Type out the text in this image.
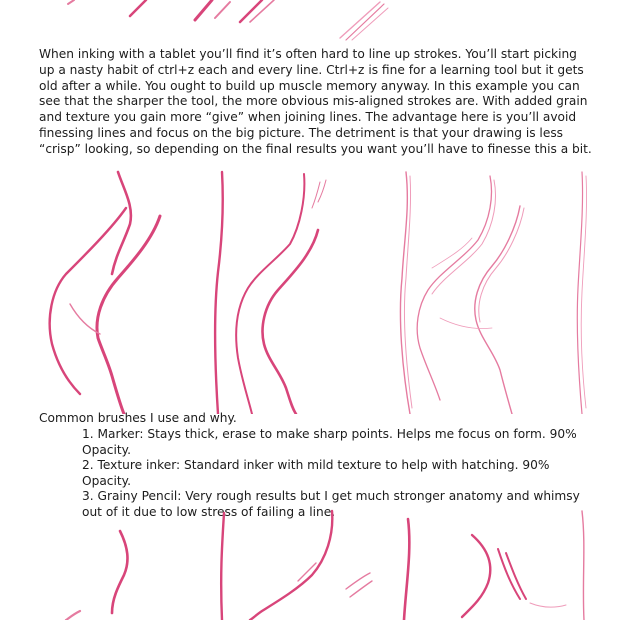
When inking with a tablet you’ll find it’s often hard to line up strokes. You’ll start picking up a nasty habit of ctrl+z each and every line. Ctrl+z is fine for a learning tool but it gets old after a while. You ought to build up muscle memory anyway. In this example you can see that the sharper the tool, the more obvious mis-aligned strokes are. With added grain and texture you gain more “give” when joining lines. The advantage here is you’ll avoid finessing lines and focus on the big picture. The detriment is that your drawing is less “crisp” looking, so depending on the final results you want you’ll have to finesse this a bit.

Common brushes I use and why.

1. Marker: Stays thick, erase to make sharp points. Helps me focus on form. 90% Opacity.
2. Texture inker: Standard inker with mild texture to help with hatching. 90% Opacity.
3. Grainy Pencil: Very rough results but I get much stronger anatomy and whimsy out of it due to low stress of failing a line.
